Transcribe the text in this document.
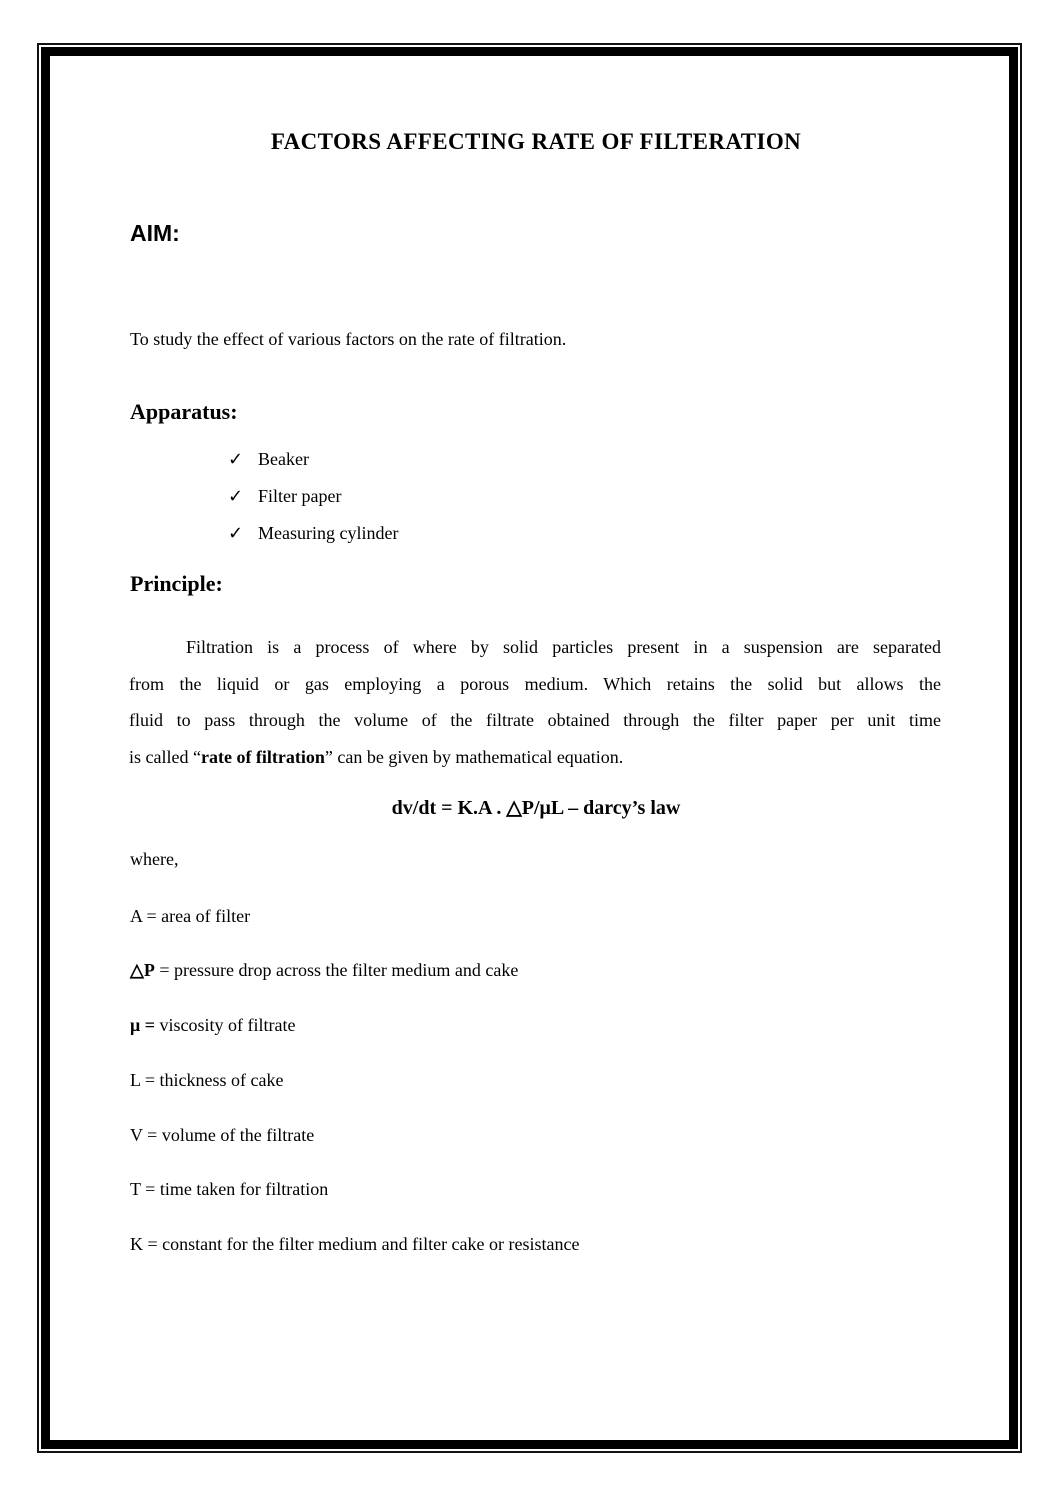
FACTORS AFFECTING RATE OF FILTERATION
AIM:
To study the effect of various factors on the rate of filtration.
Apparatus:
✓ Beaker
✓ Filter paper
✓ Measuring cylinder
Principle:
Filtration is a process of where by solid particles present in a suspension are separated
from the liquid or gas employing a porous medium. Which retains the solid but allows the
fluid to pass through the volume of the filtrate obtained through the filter paper per unit time
is called “rate of filtration” can be given by mathematical equation.
dv/dt = K.A . △P/μL – darcy’s law
where,
A = area of filter
△P = pressure drop across the filter medium and cake
μ = viscosity of filtrate
L = thickness of cake
V = volume of the filtrate
T = time taken for filtration
K = constant for the filter medium and filter cake or resistance
